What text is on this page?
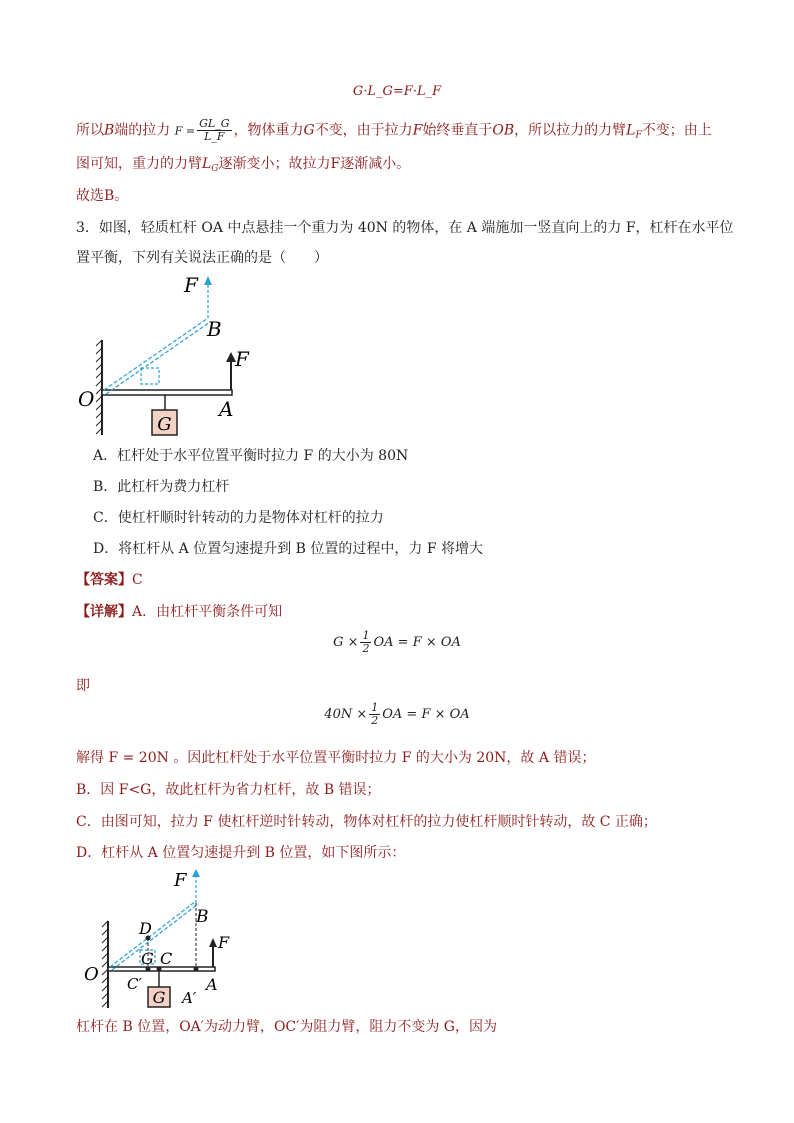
G·L_G=F·L_F
所以B端的拉力 $F = \frac{GL\_G}{L\_F}$ ，物体重力G不变，由于拉力F始终垂直于OB，所以拉力的力臂$L_F$不变；由上
图可知，重力的力臂$L_G$逐渐变小；故拉力F逐渐减小。
故选B。
3．如图，轻质杠杆 OA 中点悬挂一个重力为 40N 的物体，在 A 端施加一竖直向上的力 F，杠杆在水平位
置平衡，下列有关说法正确的是（　　）
G
F
B
F
O	A
A．杠杆处于水平位置平衡时拉力 F 的大小为 80N
B．此杠杆为费力杠杆
C．使杠杆顺时针转动的力是物体对杠杆的拉力
D．将杠杆从 A 位置匀速提升到 B 位置的过程中，力 F 将增大
【答案】C
【详解】A．由杠杆平衡条件可知
$G \times \frac{1}{2}$ OA = F × OA
即
$40N \times \frac{1}{2}$ OA = F × OA
解得 F = 20N 。因此杠杆处于水平位置平衡时拉力 F 的大小为 20N，故 A 错误；
B．因 F<G，故此杠杆为省力杠杆，故 B 错误；
C．由图可知，拉力 F 使杠杆逆时针转动，物体对杠杆的拉力使杠杆顺时针转动，故 C 正确；
D．杠杆从 A 位置匀速提升到 B 位置，如下图所示：
G
F
B
D
G C
F
O C′
A′
A
杠杆在 B 位置，OA′为动力臂，OC′为阻力臂，阻力不变为 G，因为
